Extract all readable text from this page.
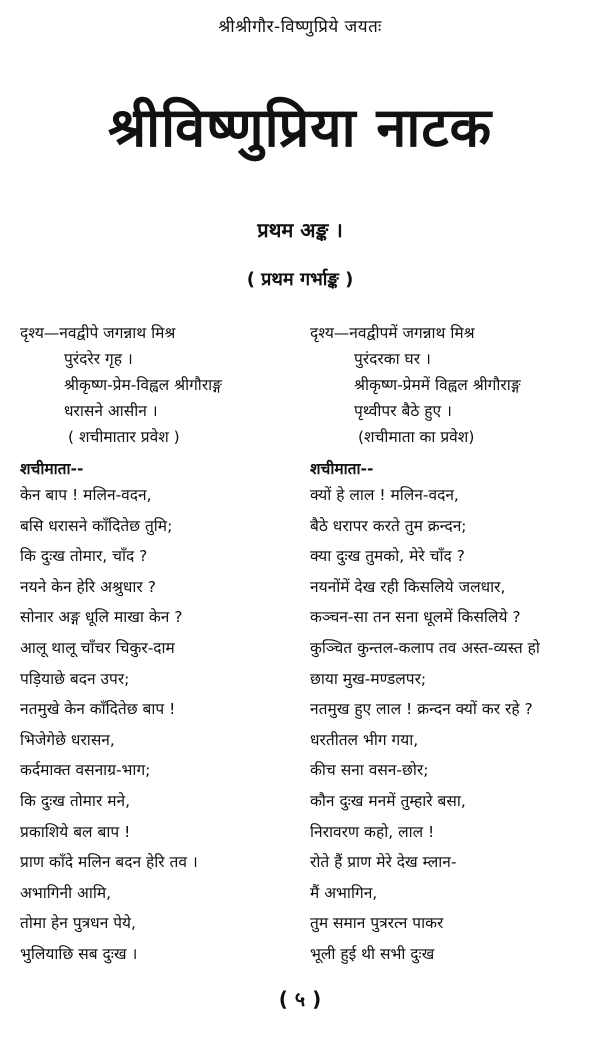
श्रीश्रीगौर-विष्णुप्रिये जयतः
श्रीविष्णुप्रिया नाटक
प्रथम अङ्क ।
( प्रथम गर्भाङ्क )
दृश्य—नवद्वीपे जगन्नाथ मिश्र
पुरंदरेर गृह ।
श्रीकृष्ण-प्रेम-विह्वल श्रीगौराङ्ग
धरासने आसीन ।
( शचीमातार प्रवेश )
शचीमाता--
केन बाप ! मलिन-वदन,
बसि धरासने काँदितेछ तुमि;
कि दुःख तोमार, चाँद ?
नयने केन हेरि अश्रुधार ?
सोनार अङ्ग धूलि माखा केन ?
आलू थालू चाँचर चिकुर-दाम
पड़ियाछे बदन उपर;
नतमुखे केन काँदितेछ बाप !
भिजेगेछे धरासन,
कर्दमाक्त वसनाग्र-भाग;
कि दुःख तोमार मने,
प्रकाशिये बल बाप !
प्राण काँदे मलिन बदन हेरि तव ।
अभागिनी आमि,
तोमा हेन पुत्रधन पेये,
भुलियाछि सब दुःख ।
दृश्य—नवद्वीपमें जगन्नाथ मिश्र
पुरंदरका घर ।
श्रीकृष्ण-प्रेममें विह्वल श्रीगौराङ्ग
पृथ्वीपर बैठे हुए ।
(शचीमाता का प्रवेश)
शचीमाता--
क्यों हे लाल ! मलिन-वदन,
बैठे धरापर करते तुम क्रन्दन;
क्या दुःख तुमको, मेरे चाँद ?
नयनोंमें देख रही किसलिये जलधार,
कञ्चन-सा तन सना धूलमें किसलिये ?
कुञ्चित कुन्तल-कलाप तव अस्त-व्यस्त हो
छाया मुख-मण्डलपर;
नतमुख हुए लाल ! क्रन्दन क्यों कर रहे ?
धरतीतल भीग गया,
कीच सना वसन-छोर;
कौन दुःख मनमें तुम्हारे बसा,
निरावरण कहो, लाल !
रोते हैं प्राण मेरे देख म्लान-
मैं अभागिन,
तुम समान पुत्ररत्न पाकर
भूली हुई थी सभी दुःख
( ५ )
